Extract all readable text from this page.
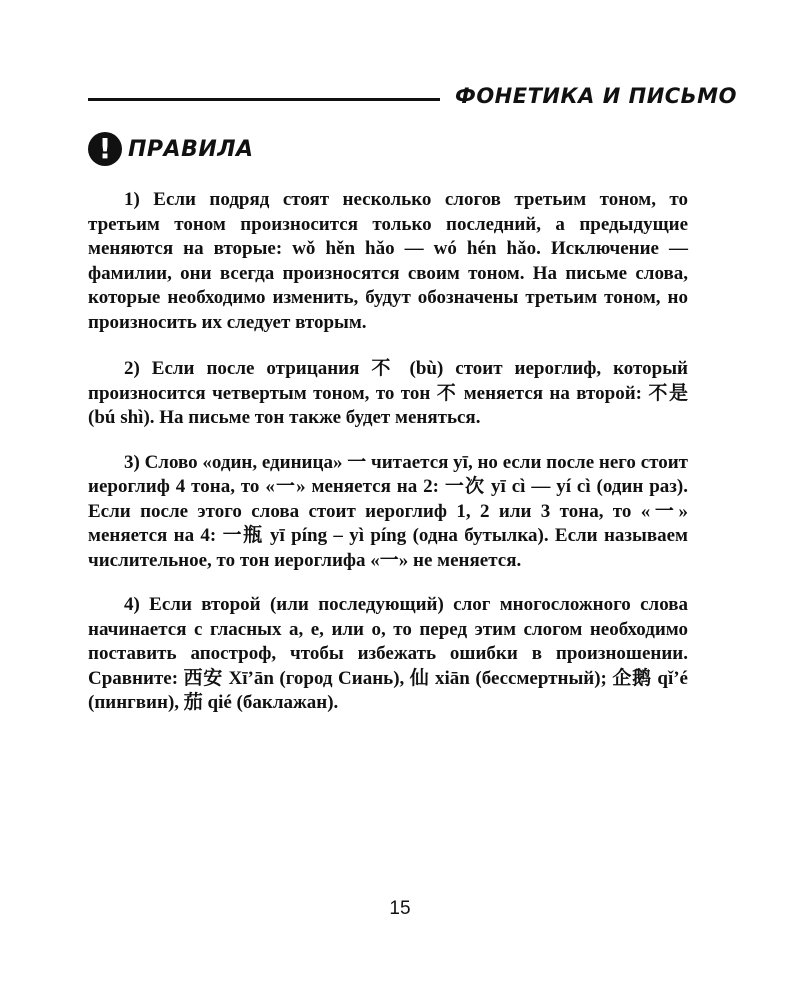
ФОНЕТИКА И ПИСЬМО
! ПРАВИЛА

1) Если подряд стоят несколько слогов третьим тоном, то третьим тоном произносится только последний, а предыдущие меняются на вторые: wǒ hěn hǎo — wó hén hǎo. Исключение — фамилии, они всегда произносятся своим тоном. На письме слова, которые необходимо изменить, будут обозначены третьим тоном, но произносить их следует вторым.

2) Если после отрицания 不 (bù) стоит иероглиф, который произносится четвертым тоном, то тон 不 меняется на второй: 不是 (bú shì). На письме тон также будет меняться.

3) Слово «один, единица» 一 читается yī, но если после него стоит иероглиф 4 тона, то «一» меняется на 2: 一次 yī cì — yí cì (один раз). Если после этого слова стоит иероглиф 1, 2 или 3 тона, то «一» меняется на 4: 一瓶 yī píng – yì píng (одна бутылка). Если называем числительное, то тон иероглифа «一» не меняется.

4) Если второй (или последующий) слог многосложного слова начинается с гласных a, e, или o, то перед этим слогом необходимо поставить апостроф, чтобы избежать ошибки в произношении. Сравните: 西安 Xī’ān (город Сиань), 仙 xiān (бессмертный); 企鹅 qǐ’é (пингвин), 茄 qié (баклажан).

15
